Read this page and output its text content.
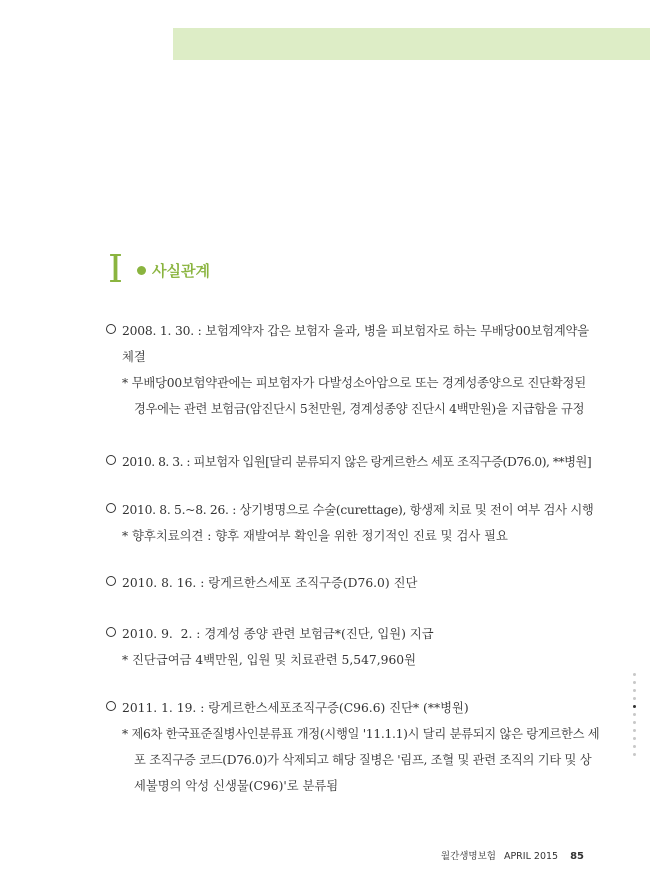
I 사실관계
2008. 1. 30. : 보험계약자 갑은 보험자 을과, 병을 피보험자로 하는 무배당00보험계약을
체결
* 무배당00보험약관에는 피보험자가 다발성소아암으로 또는 경계성종양으로 진단확정된
경우에는 관련 보험금(암진단시 5천만원, 경계성종양 진단시 4백만원)을 지급함을 규정
2010. 8. 3. : 피보험자 입원[달리 분류되지 않은 랑게르한스 세포 조직구증(D76.0), **병원]
2010. 8. 5.~8. 26. : 상기병명으로 수술(curettage), 항생제 치료 및 전이 여부 검사 시행
* 향후치료의견 : 향후 재발여부 확인을 위한 정기적인 진료 및 검사 필요
2010. 8. 16. : 랑게르한스세포 조직구증(D76.0) 진단
2010. 9.  2. : 경계성 종양 관련 보험금*(진단, 입원) 지급
* 진단급여금 4백만원, 입원 및 치료관련 5,547,960원
2011. 1. 19. : 랑게르한스세포조직구증(C96.6) 진단* (**병원)
* 제6차 한국표준질병사인분류표 개정(시행일 '11.1.1)시 달리 분류되지 않은 랑게르한스 세
포 조직구증 코드(D76.0)가 삭제되고 해당 질병은 '림프, 조혈 및 관련 조직의 기타 및 상
세불명의 악성 신생물(C96)'로 분류됨
월간생명보험 APRIL 2015 85
